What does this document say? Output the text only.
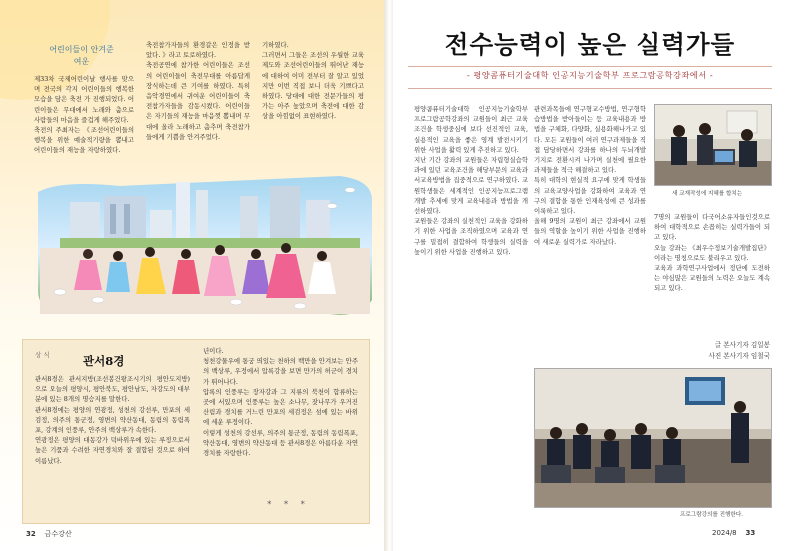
어린이들이 안겨준
여운
제33차 국제어린이날 행사를 맞으며 전국의 각지 어린이들의 행복한 모습을 담은 축전 가 진행되었다. 어린이들은 무대에서 노래와 춤으로 사람들의 마음을 즐겁게 해주었다.
축전의 주최자는 《조선어린이들의 행복을 위한 예술적기량을 뽐내고 어린이들의 재능을 자랑하였다.
축전참가자들의 환경갈은 인정을 받았다. 》라고 토로하였다.
축전공연에 참가한 어린이들은 조선의 어린이들이 축전무대를 아름답게 장식하는데 큰 기여를 하였다. 특히 음악경연에서 귀여운 어린이들이 축전참가자들을 감동시켰다. 어린이들은 자기들의 재능을 마음껏 뽐내며 무대에 올라 노래하고 춤추며 축전참가들에게 기쁨을 안겨주었다.
기하였다.
그러면서 그들은 조선의 우월한 교육제도와 조선어린이들의 뛰어난 재능에 대하여 이미 전부터 잘 알고 있었지만 이번 직접 보니 더욱 기쁘다고 하였다. 당대에 대한 전문가들의 평가는 아주 높았으며 축전에 대한 감상을 아낌없이 표현하였다.
상 식	관서8경
관서8경은 관서지방(조선봉건왕조시기의 평안도지방)으로 오늘의 평양시, 평안북도, 평안남도, 자강도의 대부분에 있는 8개의 명승지를 말한다.
관서8경에는 평양의 연광정, 성천의 강선루, 만포의 세검정, 의주의 통군정, 영변의 약산동대, 동림의 동림폭포, 강계의 인풍루, 안주의 백상루가 속한다.
연광정은 평양의 대동강가 덕바위우에 있는 루정으로서 높은 기품과 수려한 자연경치와 잘 결합된 것으로 하여 이름났다.
년이다.
청천강물우에 통궁 띄있는 천하의 백만을 안겨보는 안주의 백상루, 우정에서 압록강을 보면 만가의 허군이 경치가 뛰어나다.
압록의 인풍루는 장자강과 그 지류의 북천이 합류하는 곳에 서있으며 인풍루는 높은 소나무, 잣나무가 우거진 산림과 경치를 거느린 만포의 세검정은 섬에 있는 바위에 세운 루정이다.
이렇게 성천의 강선루, 의주의 통군정, 동림의 동림폭포, 약산동대, 영변의 약산동대 등 관서8경은 아름다운 자연경치를 자랑한다.
*     *     *
32 금수강산
전수능력이 높은 실력가들
- 평양콤퓨터기술대학 인공지능기술학부 프로그람공학강좌에서 -
평양콤퓨터기술대학 인공지능기술학부 프로그람공학강좌의 교원들이 최근 교육조건을 학생중심에 보다 선진적인 교육, 실용적인 교육을 좋은 영계 발전시키기 위한 사업을 활력 있게 추진하고 있다.
지난 기간 강좌의 교원들은 자립형실습학과에 있던 교육조건을 해당부문의 교육과 서교육방법을 집중적으로 연구하였다. 교원학생들은 세계적인 인공지능프로그램개발 추세에 맞게 교육내용과 방법을 개선하였다.
교원들은 강좌의 실천적인 교육을 강화하기 위한 사업을 조직하였으며 교육과 연구를 밀접히 결합하여 학생들의 실력을 높이기 위한 사업을 진행하고 있다.
관련과목들에 연구형교수방법, 연구형학습방법을 받아들이는 등 교육내용과 방법을 구체화, 다양화, 실용화해나가고 있다. 모든 교원들이 여러 연구과제들을 직접 담당하면서 강좌를 하나의 두뇌개발기지로 전환시켜 나가며 실천에 필요한 과제들을 적극 해결하고 있다.
특히 대학의 현실적 요구에 맞게 학생들의 교육교양사업을 강화하여 교육과 연구의 결합을 통한 인재육성에 큰 성과를 이룩하고 있다.
올해 9명의 교원이 최근 강좌에서 교원들의 역할을 높이기 위한 사업을 진행하여 새로운 실력가로 자라났다.
새 교재작성에 지혜를 합치는
7명의 교원들이 다국어소유자들인것으로 하여 대학적으로 손꼽히는 실력가들이 되고 있다.
오늘 강좌는 《최우수정보기술개발집단》이라는 명칭으로도 불리우고 있다.
교육과 과학연구사업에서 정단에 도전하는 야심많은 교원들의 노력은 오늘도 계속되고 있다.
글 본사기자 김일봉
사진 본사기자 임철국
프로그람강의를 진행한다.
2024/8 33
